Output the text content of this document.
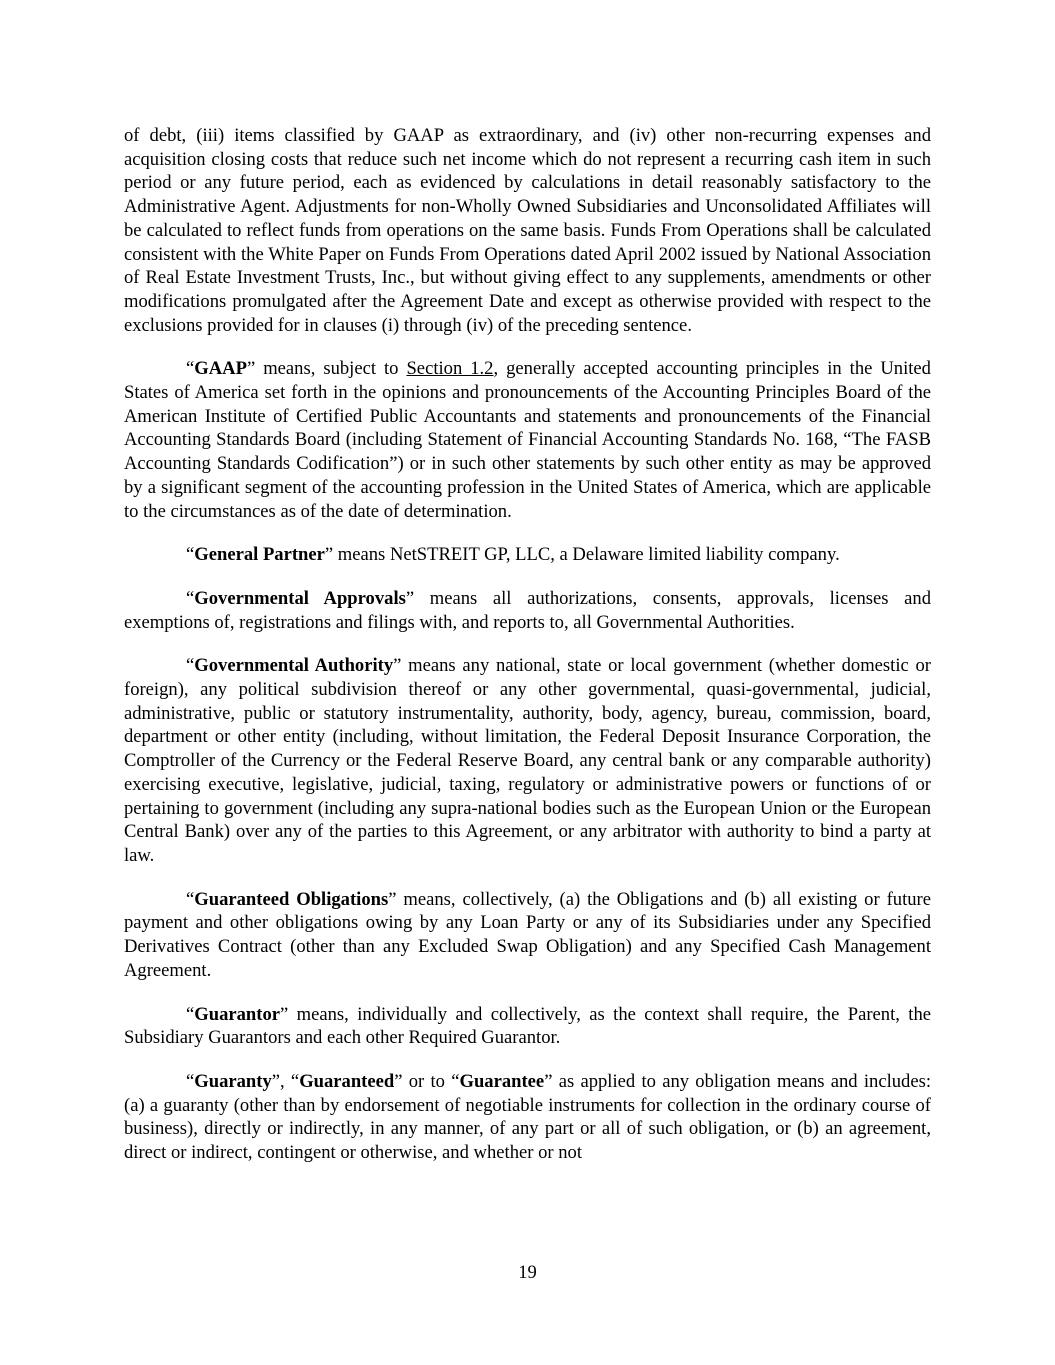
of debt, (iii) items classified by GAAP as extraordinary, and (iv) other non-recurring expenses and acquisition closing costs that reduce such net income which do not represent a recurring cash item in such period or any future period, each as evidenced by calculations in detail reasonably satisfactory to the Administrative Agent. Adjustments for non-Wholly Owned Subsidiaries and Unconsolidated Affiliates will be calculated to reflect funds from operations on the same basis. Funds From Operations shall be calculated consistent with the White Paper on Funds From Operations dated April 2002 issued by National Association of Real Estate Investment Trusts, Inc., but without giving effect to any supplements, amendments or other modifications promulgated after the Agreement Date and except as otherwise provided with respect to the exclusions provided for in clauses (i) through (iv) of the preceding sentence.

“GAAP” means, subject to Section 1.2, generally accepted accounting principles in the United States of America set forth in the opinions and pronouncements of the Accounting Principles Board of the American Institute of Certified Public Accountants and statements and pronouncements of the Financial Accounting Standards Board (including Statement of Financial Accounting Standards No. 168, “The FASB Accounting Standards Codification”) or in such other statements by such other entity as may be approved by a significant segment of the accounting profession in the United States of America, which are applicable to the circumstances as of the date of determination.

“General Partner” means NetSTREIT GP, LLC, a Delaware limited liability company.

“Governmental Approvals” means all authorizations, consents, approvals, licenses and exemptions of, registrations and filings with, and reports to, all Governmental Authorities.

“Governmental Authority” means any national, state or local government (whether domestic or foreign), any political subdivision thereof or any other governmental, quasi-governmental, judicial, administrative, public or statutory instrumentality, authority, body, agency, bureau, commission, board, department or other entity (including, without limitation, the Federal Deposit Insurance Corporation, the Comptroller of the Currency or the Federal Reserve Board, any central bank or any comparable authority) exercising executive, legislative, judicial, taxing, regulatory or administrative powers or functions of or pertaining to government (including any supra-national bodies such as the European Union or the European Central Bank) over any of the parties to this Agreement, or any arbitrator with authority to bind a party at law.

“Guaranteed Obligations” means, collectively, (a) the Obligations and (b) all existing or future payment and other obligations owing by any Loan Party or any of its Subsidiaries under any Specified Derivatives Contract (other than any Excluded Swap Obligation) and any Specified Cash Management Agreement.

“Guarantor” means, individually and collectively, as the context shall require, the Parent, the Subsidiary Guarantors and each other Required Guarantor.

“Guaranty”, “Guaranteed” or to “Guarantee” as applied to any obligation means and includes: (a) a guaranty (other than by endorsement of negotiable instruments for collection in the ordinary course of business), directly or indirectly, in any manner, of any part or all of such obligation, or (b) an agreement, direct or indirect, contingent or otherwise, and whether or not

19
